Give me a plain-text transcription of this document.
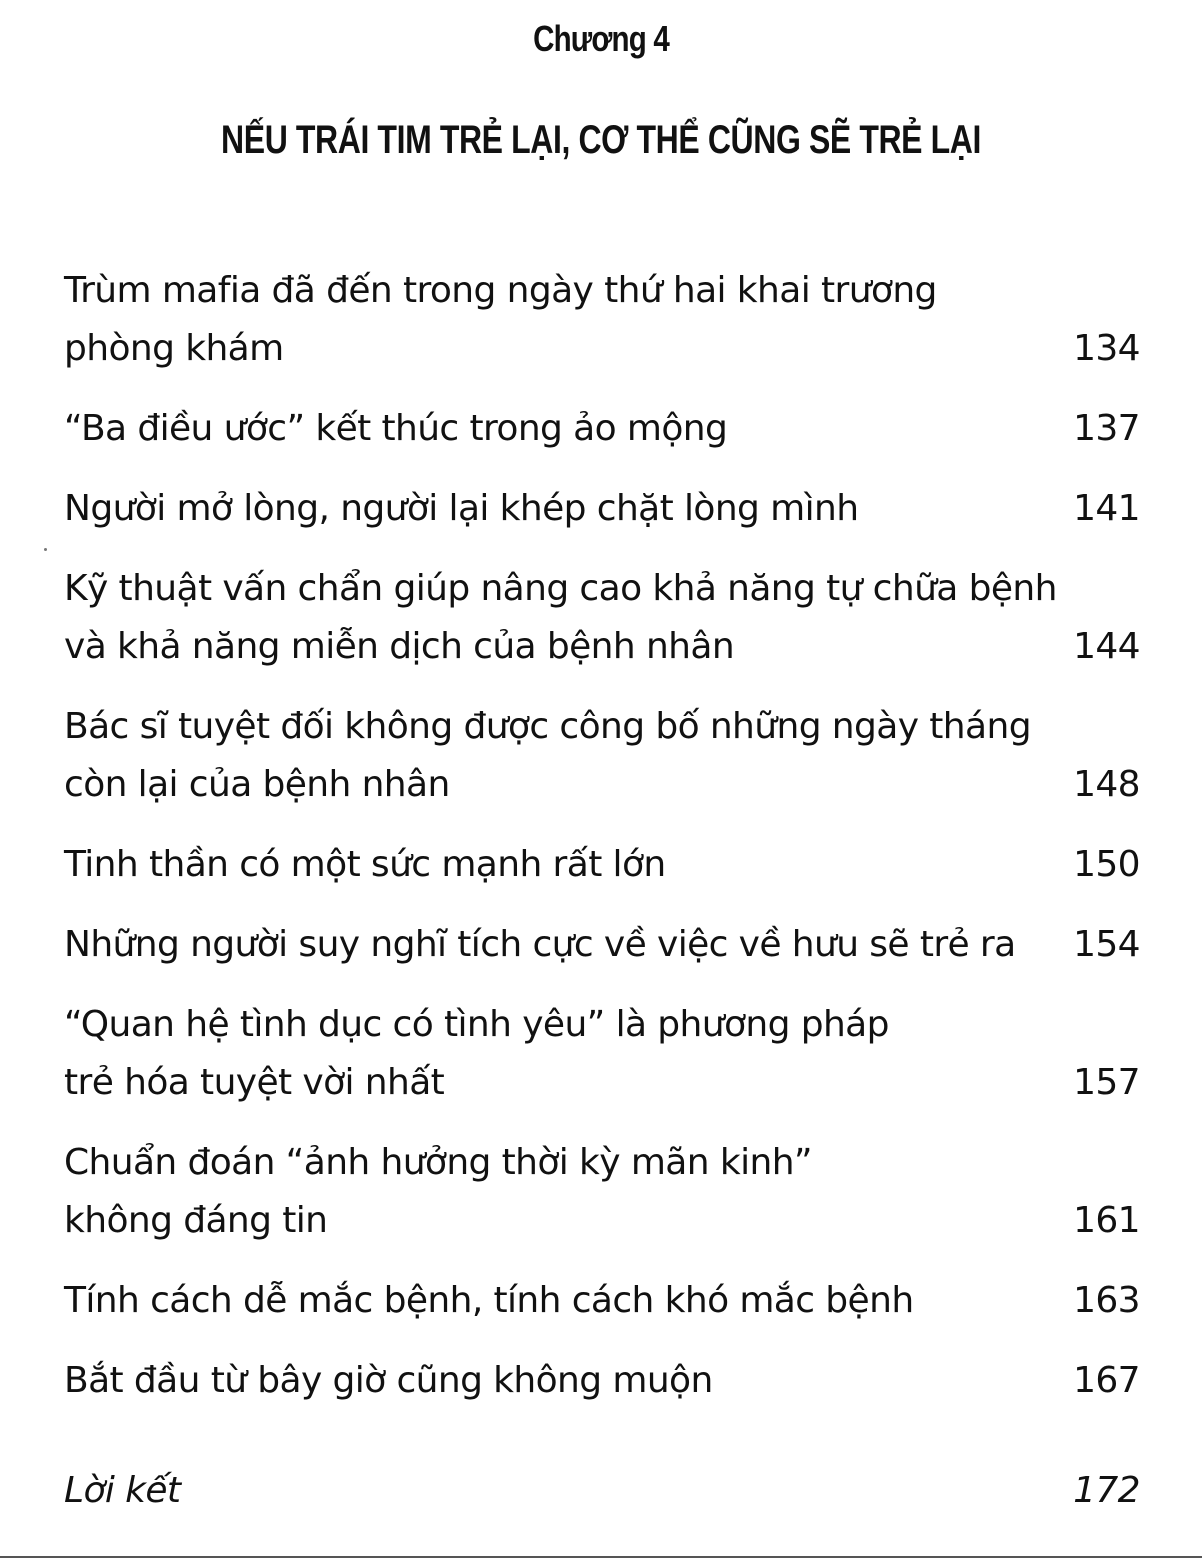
Chương 4
NẾU TRÁI TIM TRẺ LẠI, CƠ THỂ CŨNG SẼ TRẺ LẠI
Trùm mafia đã đến trong ngày thứ hai khai trương
phòng khám	134
“Ba điều ước” kết thúc trong ảo mộng	137
Người mở lòng, người lại khép chặt lòng mình	141
Kỹ thuật vấn chẩn giúp nâng cao khả năng tự chữa bệnh
và khả năng miễn dịch của bệnh nhân	144
Bác sĩ tuyệt đối không được công bố những ngày tháng
còn lại của bệnh nhân	148
Tinh thần có một sức mạnh rất lớn	150
Những người suy nghĩ tích cực về việc về hưu sẽ trẻ ra	154
“Quan hệ tình dục có tình yêu” là phương pháp
trẻ hóa tuyệt vời nhất	157
Chuẩn đoán “ảnh hưởng thời kỳ mãn kinh”
không đáng tin	161
Tính cách dễ mắc bệnh, tính cách khó mắc bệnh	163
Bắt đầu từ bây giờ cũng không muộn	167
Lời kết	172
